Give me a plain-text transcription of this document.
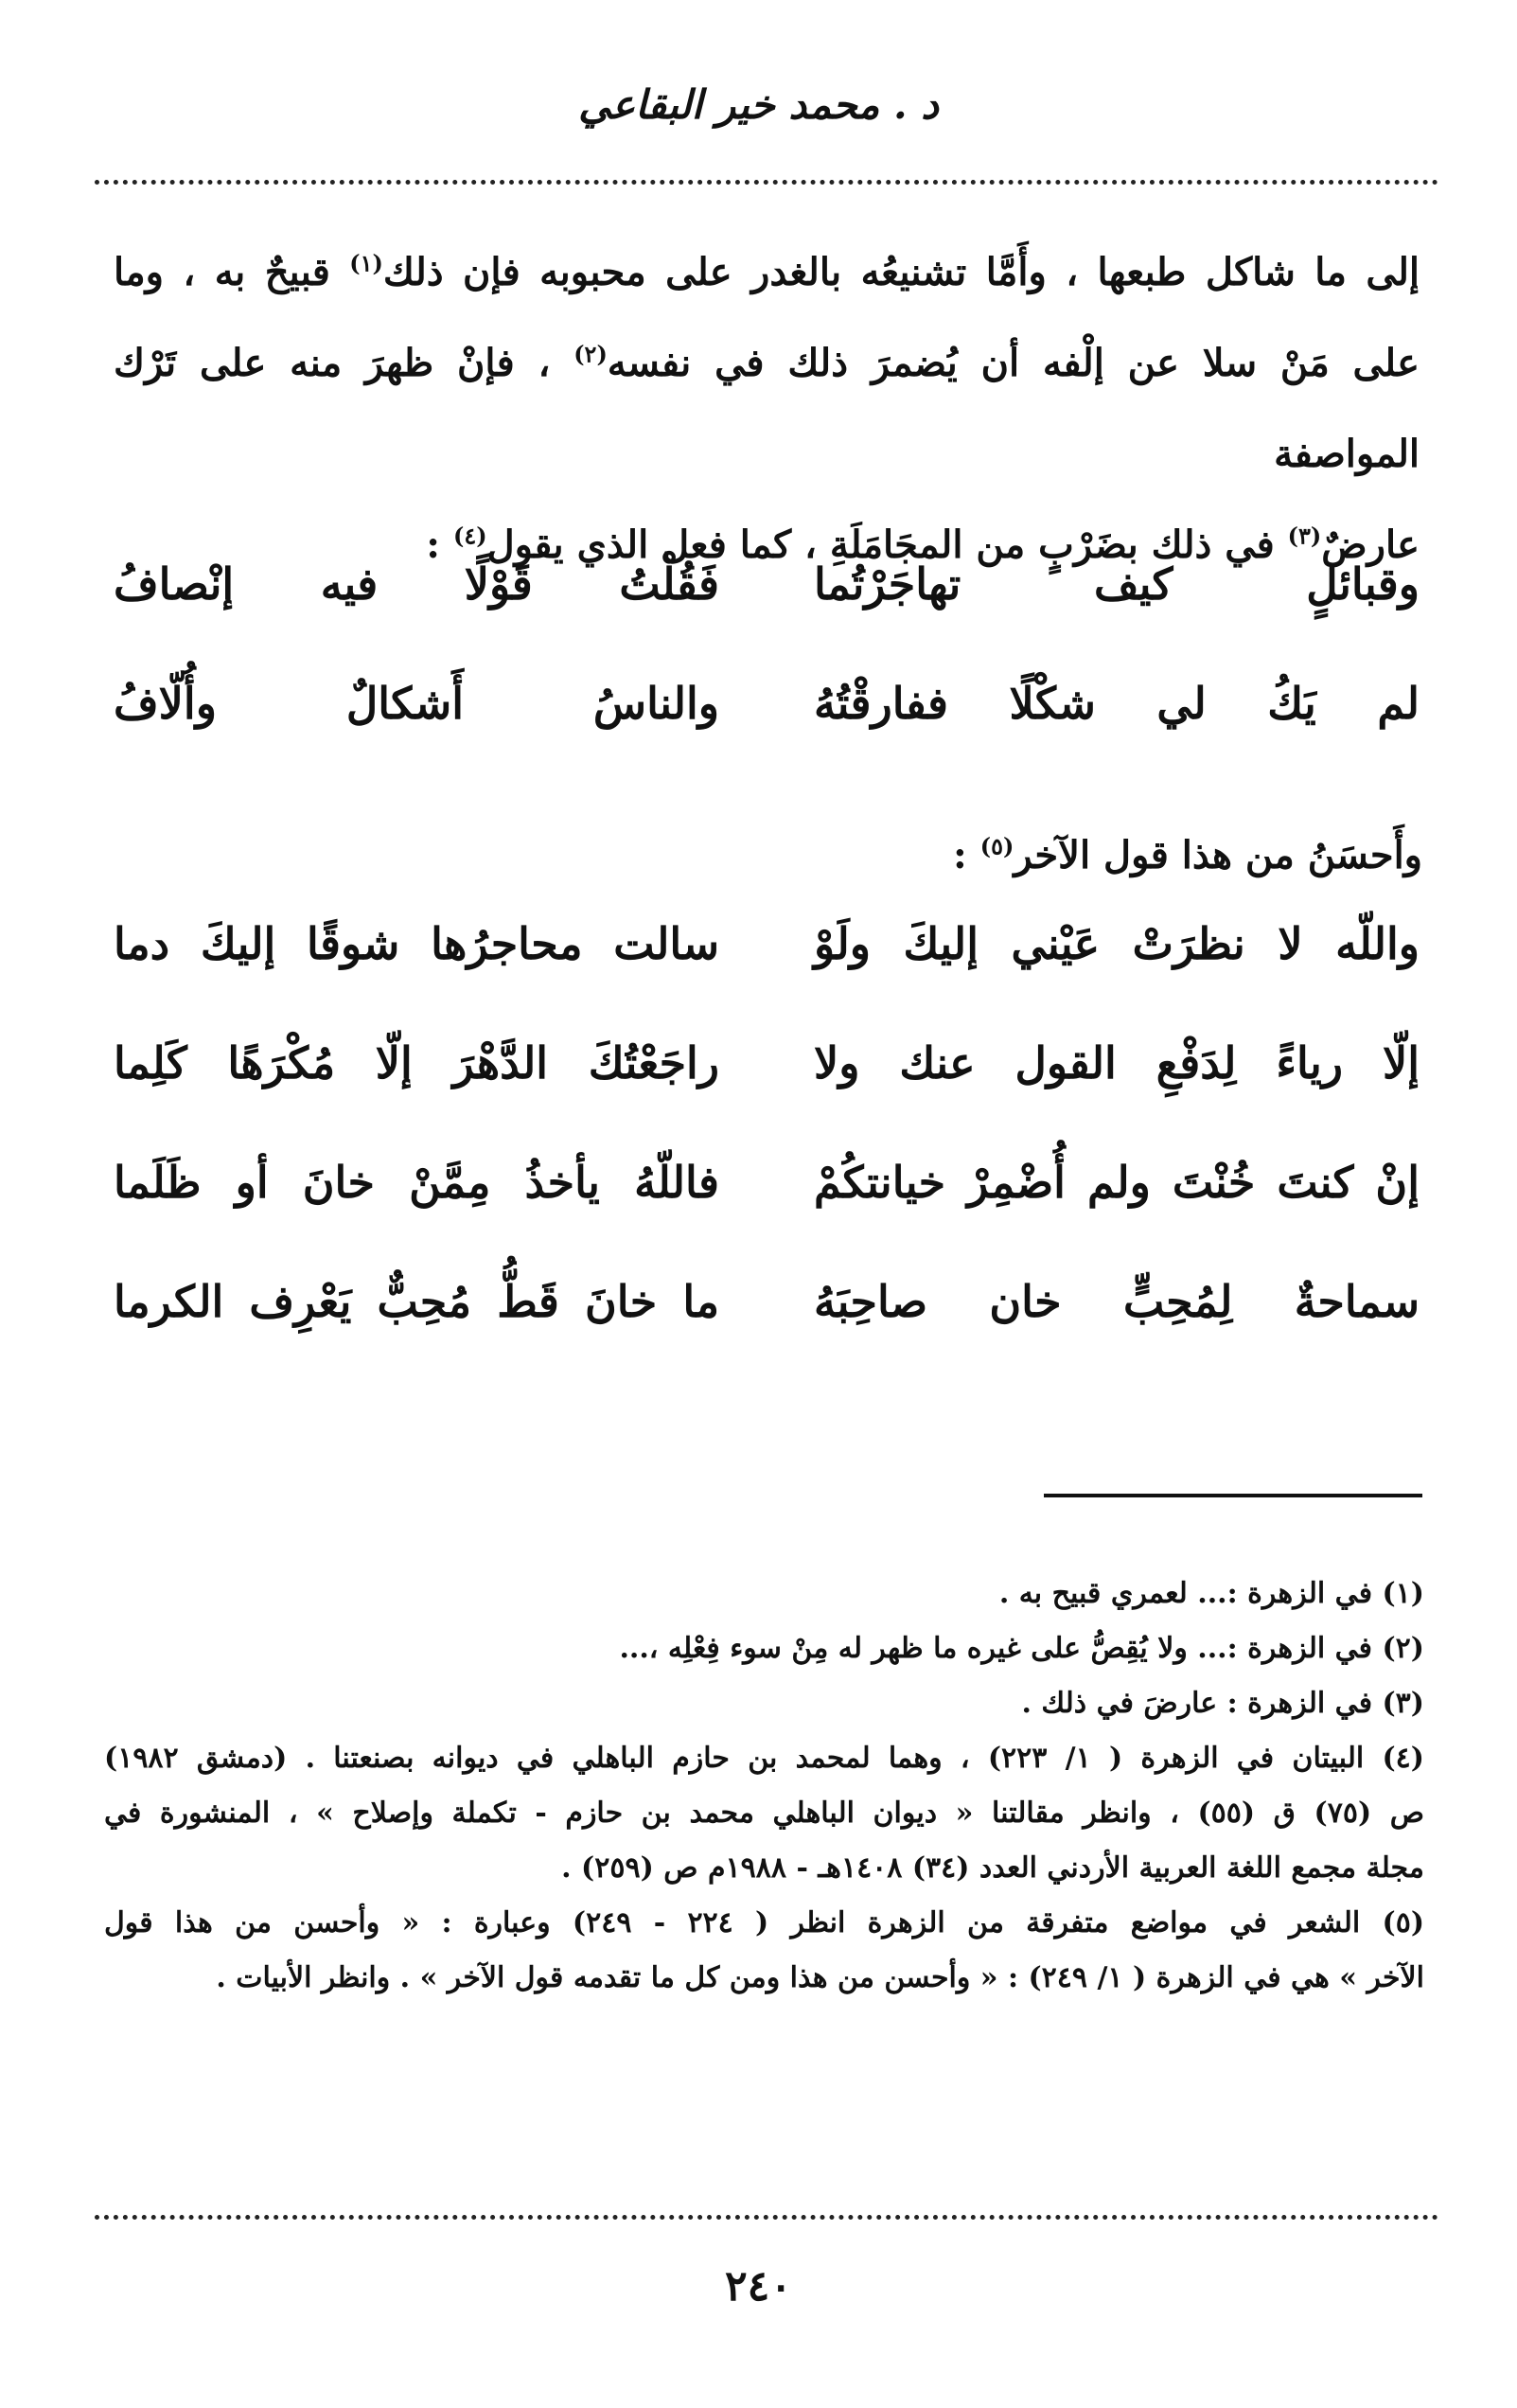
د . محمد خير البقاعي

إلى ما شاكل طبعها ، وأَمَّا تشنيعُه بالغدر على محبوبه فإن ذلك$^{(١)}$ قبيحٌ به ، وما

على مَنْ سلا عن إلْفه أن يُضمرَ ذلك في نفسه$^{(٢)}$ ، فإنْ ظهرَ منه على تَرْك المواصفة

عارضٌ$^{(٣)}$ في ذلك بضَرْبٍ من المجَامَلَةِ ، كما فعل الذي يقول$^{(٤)}$ :

وقبائلٍ كيف تهاجَرْتُما
فَقُلْتُ قَوْلًا فيه إنْصافُ
لم يَكُ لي شكْلًا ففارقْتُهُ
والناسُ أَشكالٌ وأُلّافُ
وأَحسَنُ من هذا قول الآخر$^{(٥)}$ :
واللّه لا نظرَتْ عَيْني إليكَ ولَوْ
سالت محاجرُها شوقًا إليكَ دما
إلّا رياءً لِدَفْعِ القول عنك ولا
راجَعْتُكَ الدَّهْرَ إلّا مُكْرَهًا كَلِما
إنْ كنتَ خُنْتَ ولم أُضْمِرْ خيانتكُمْ
فاللّهُ يأخذُ مِمَّنْ خانَ أو ظَلَما
سماحةٌ لِمُحِبٍّ خان صاحِبَهُ
ما خانَ قَطُّ مُحِبٌّ يَعْرِف الكرما

(١) في الزهرة :... لعمري قبيح به .

(٢) في الزهرة :... ولا يُقِصُّ على غيره ما ظهر له مِنْ سوء فِعْلِه ،...

(٣) في الزهرة : عارضَ في ذلك .

(٤) البيتان في الزهرة ( ١/ ٢٢٣) ، وهما لمحمد بن حازم الباهلي في ديوانه بصنعتنا . (دمشق ١٩٨٢)

ص (٧٥) ق (٥٥) ، وانظر مقالتنا « ديوان الباهلي محمد بن حازم - تكملة وإصلاح » ، المنشورة في

مجلة مجمع اللغة العربية الأردني العدد (٣٤) ١٤٠٨هـ - ١٩٨٨م ص (٢٥٩) .

(٥) الشعر في مواضع متفرقة من الزهرة انظر ( ٢٢٤ - ٢٤٩) وعبارة : « وأحسن من هذا قول

الآخر » هي في الزهرة ( ١/ ٢٤٩) : « وأحسن من هذا ومن كل ما تقدمه قول الآخر » . وانظر الأبيات .

٢٤٠
